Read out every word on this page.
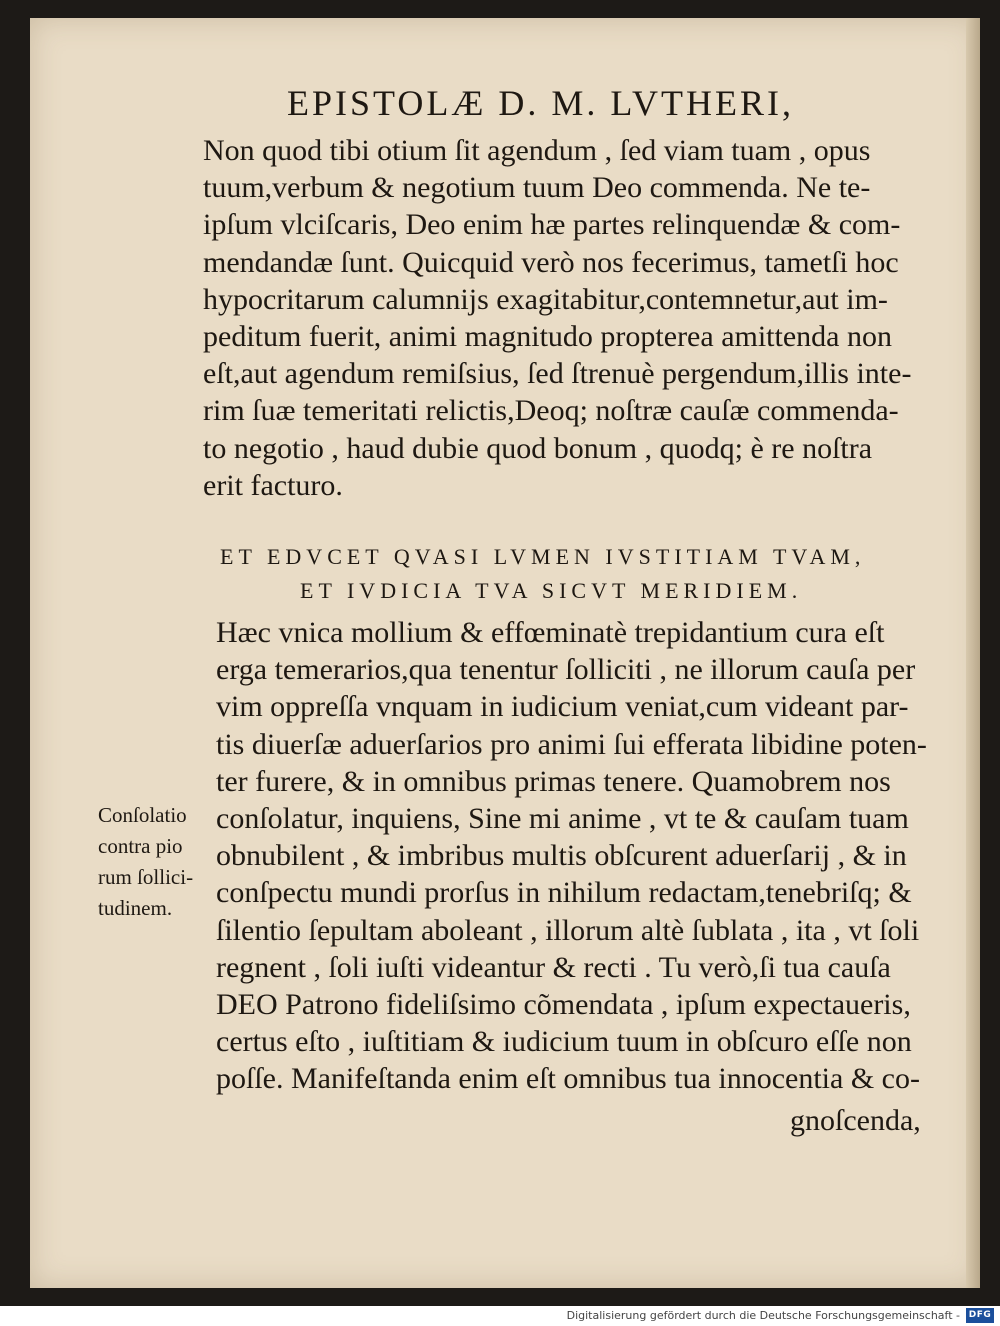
EPISTOLÆ D. M. LVTHERI,
Non quod tibi otium ſit agendum , ſed viam tuam , opus
tuum,verbum & negotium tuum Deo commenda. Ne te-
ipſum vlciſcaris, Deo enim hæ partes relinquendæ & com-
mendandæ ſunt. Quicquid verò nos fecerimus, tametſi hoc
hypocritarum calumnijs exagitabitur,contemnetur,aut im-
peditum fuerit, animi magnitudo propterea amittenda non
eſt,aut agendum remiſsius, ſed ſtrenuè pergendum,illis inte-
rim ſuæ temeritati relictis,Deoq; noſtræ cauſæ commenda-
to negotio , haud dubie quod bonum , quodq; è re noſtra
erit facturo.
ET EDVCET QVASI LVMEN IVSTITIAM TVAM,
ET IVDICIA TVA SICVT MERIDIEM.
Hæc vnica mollium & effœminatè trepidantium cura eſt
erga temerarios,qua tenentur ſolliciti , ne illorum cauſa per
vim oppreſſa vnquam in iudicium veniat,cum videant par-
tis diuerſæ aduerſarios pro animi ſui efferata libidine poten-
ter furere, & in omnibus primas tenere. Quamobrem nos
conſolatur, inquiens, Sine mi anime , vt te & cauſam tuam
obnubilent , & imbribus multis obſcurent aduerſarij , & in
conſpectu mundi prorſus in nihilum redactam,tenebriſq; &
ſilentio ſepultam aboleant , illorum altè ſublata , ita , vt ſoli
regnent , ſoli iuſti videantur & recti . Tu verò,ſi tua cauſa
DEO Patrono fideliſsimo cõmendata , ipſum expectaueris,
certus eſto , iuſtitiam & iudicium tuum in obſcuro eſſe non
poſſe. Manifeſtanda enim eſt omnibus tua innocentia & co-
gnoſcenda,
Conſolatio
contra pio
rum ſollici-
tudinem.
Digitalisierung gefördert durch die Deutsche Forschungsgemeinschaft - DFG
